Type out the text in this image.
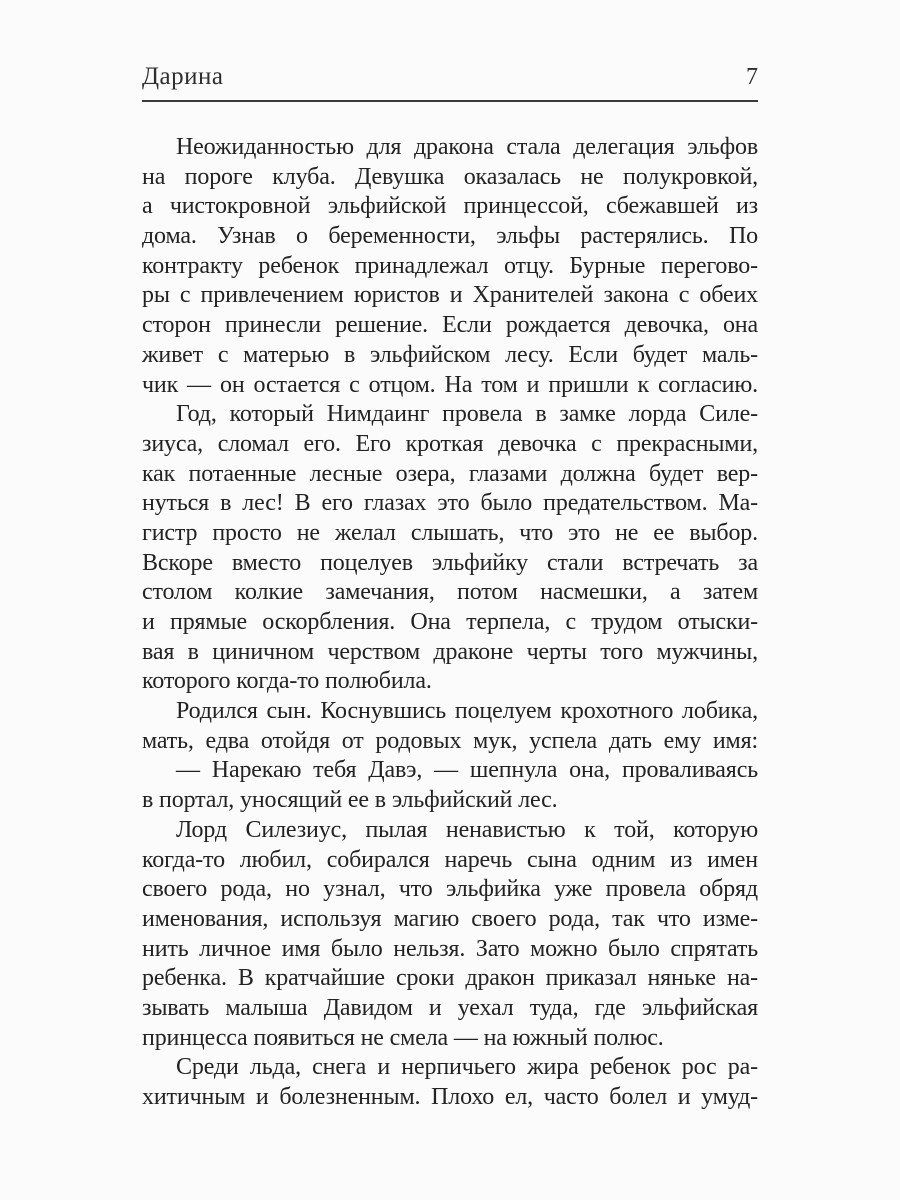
Дарина	7
Неожиданностью для дракона стала делегация эльфов
на пороге клуба. Девушка оказалась не полукровкой,
а чистокровной эльфийской принцессой, сбежавшей из
дома. Узнав о беременности, эльфы растерялись. По
контракту ребенок принадлежал отцу. Бурные перегово-
ры с привлечением юристов и Хранителей закона с обеих
сторон принесли решение. Если рождается девочка, она
живет с матерью в эльфийском лесу. Если будет маль-
чик — он остается с отцом. На том и пришли к согласию.
Год, который Нимдаинг провела в замке лорда Силе-
зиуса, сломал его. Его кроткая девочка с прекрасными,
как потаенные лесные озера, глазами должна будет вер-
нуться в лес! В его глазах это было предательством. Ма-
гистр просто не желал слышать, что это не ее выбор.
Вскоре вместо поцелуев эльфийку стали встречать за
столом колкие замечания, потом насмешки, а затем
и прямые оскорбления. Она терпела, с трудом отыски-
вая в циничном черством драконе черты того мужчины,
которого когда-то полюбила.
Родился сын. Коснувшись поцелуем крохотного лобика,
мать, едва отойдя от родовых мук, успела дать ему имя:
— Нарекаю тебя Давэ, — шепнула она, проваливаясь
в портал, уносящий ее в эльфийский лес.
Лорд Силезиус, пылая ненавистью к той, которую
когда-то любил, собирался наречь сына одним из имен
своего рода, но узнал, что эльфийка уже провела обряд
именования, используя магию своего рода, так что изме-
нить личное имя было нельзя. Зато можно было спрятать
ребенка. В кратчайшие сроки дракон приказал няньке на-
зывать малыша Давидом и уехал туда, где эльфийская
принцесса появиться не смела — на южный полюс.
Среди льда, снега и нерпичьего жира ребенок рос ра-
хитичным и болезненным. Плохо ел, часто болел и умуд-
